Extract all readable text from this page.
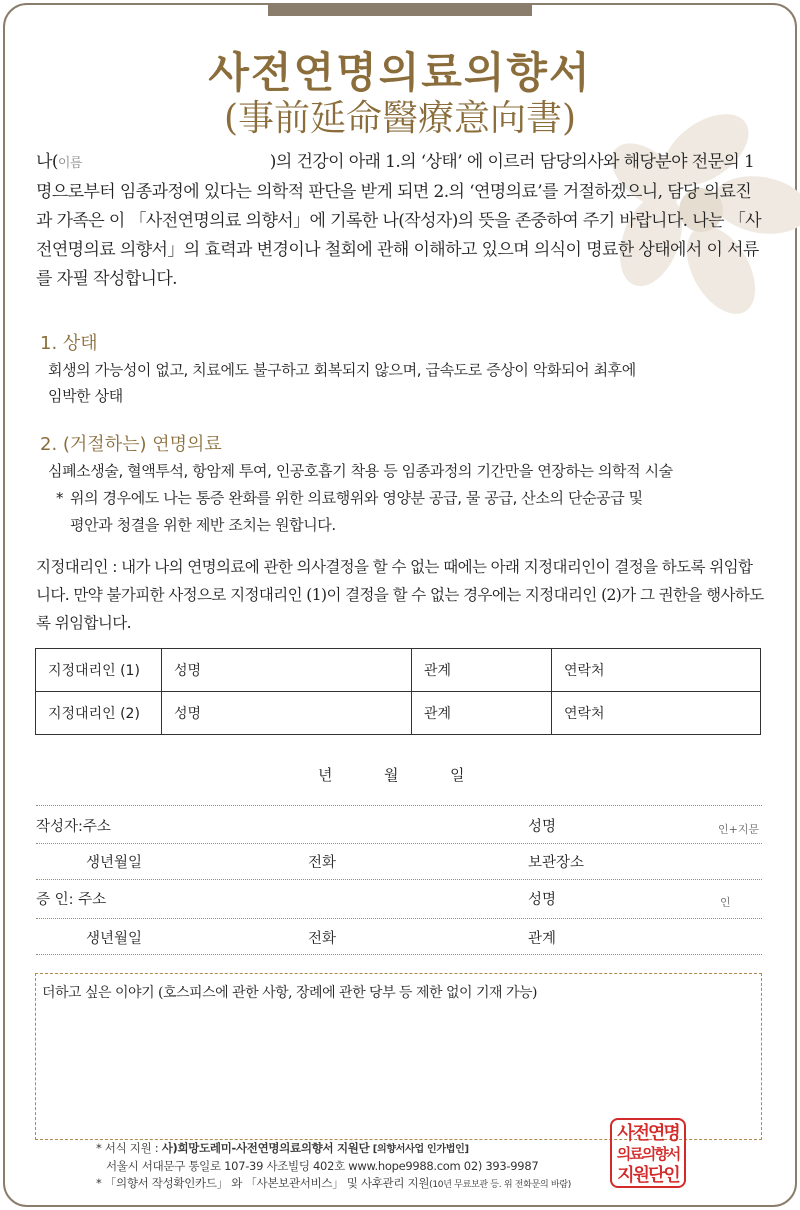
사전연명의료의향서
(事前延命醫療意向書)
나(이름	)의 건강이 아래 1.의 ‘상태’ 에 이르러 담당의사와 해당분야 전문의 1명으로부터 임종과정에 있다는 의학적 판단을 받게 되면 2.의 ‘연명의료’를 거절하겠으니, 담당 의료진과 가족은 이 「사전연명의료 의향서」에 기록한 나(작성자)의 뜻을 존중하여 주기 바랍니다. 나는 「사전연명의료 의향서」의 효력과 변경이나 철회에 관해 이해하고 있으며 의식이 명료한 상태에서 이 서류를 자필 작성합니다.
1. 상태
회생의 가능성이 없고, 치료에도 불구하고 회복되지 않으며, 급속도로 증상이 악화되어 최후에
임박한 상태
2. (거절하는) 연명의료
심폐소생술, 혈액투석, 항암제 투여, 인공호흡기 착용 등 임종과정의 기간만을 연장하는 의학적 시술
* 위의 경우에도 나는 통증 완화를 위한 의료행위와 영양분 공급, 물 공급, 산소의 단순공급 및
평안과 청결을 위한 제반 조치는 원합니다.
지정대리인 : 내가 나의 연명의료에 관한 의사결정을 할 수 없는 때에는 아래 지정대리인이 결정을 하도록 위임합니다. 만약 불가피한 사정으로 지정대리인 (1)이 결정을 할 수 없는 경우에는 지정대리인 (2)가 그 권한을 행사하도록 위임합니다.
지정대리인 (1)	성명	관계	연락처
지정대리인 (2)	성명	관계	연락처
년	월	일
작성자:주소	성명	인+지문
생년월일	전화	보관장소
증 인: 주소	성명	인
생년월일	전화	관계
더하고 싶은 이야기 (호스피스에 관한 사항, 장례에 관한 당부 등 제한 없이 기재 가능)
* 서식 지원 : 사)희망도레미-사전연명의료의향서 지원단 [의향서사업 인가법인]
서울시 서대문구 통일로 107-39 사조빌딩 402호 www.hope9988.com 02) 393-9987
* 「의향서 작성확인카드」 와 「사본보관서비스」 및 사후관리 지원(10년 무료보관 등. 위 전화문의 바람)
사전연명
의료의향서
지원단인
